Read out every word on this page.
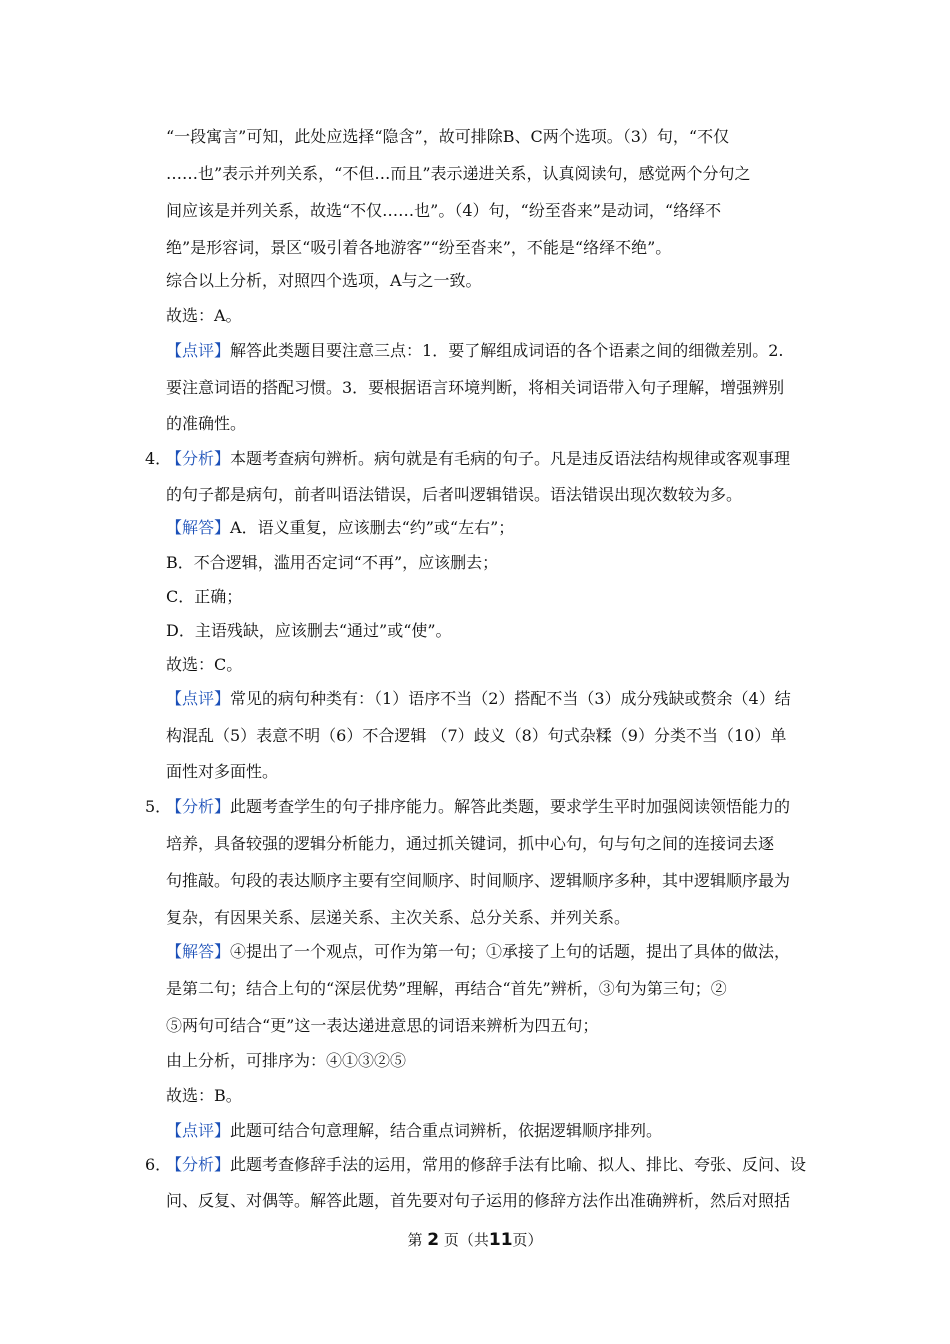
“一段寓言”可知，此处应选择“隐含”，故可排除B、C两个选项。（3）句，“不仅
……也”表示并列关系，“不但…而且”表示递进关系，认真阅读句，感觉两个分句之
间应该是并列关系，故选“不仅……也”。（4）句，“纷至沓来”是动词，“络绎不
绝”是形容词，景区“吸引着各地游客”“纷至沓来”，不能是“络绎不绝”。
综合以上分析，对照四个选项，A与之一致。
故选：A。
【点评】解答此类题目要注意三点：1．要了解组成词语的各个语素之间的细微差别。2.
要注意词语的搭配习惯。3．要根据语言环境判断，将相关词语带入句子理解，增强辨别
的准确性。
4．
【分析】本题考查病句辨析。病句就是有毛病的句子。凡是违反语法结构规律或客观事理
的句子都是病句，前者叫语法错误，后者叫逻辑错误。语法错误出现次数较为多。
【解答】A．语义重复，应该删去“约”或“左右”；
B．不合逻辑，滥用否定词“不再”，应该删去；
C．正确；
D．主语残缺，应该删去“通过”或“使”。
故选：C。
【点评】常见的病句种类有：（1）语序不当（2）搭配不当（3）成分残缺或赘余（4）结
构混乱（5）表意不明（6）不合逻辑 （7）歧义（8）句式杂糅（9）分类不当（10）单
面性对多面性。
5．
【分析】此题考查学生的句子排序能力。解答此类题，要求学生平时加强阅读领悟能力的
培养，具备较强的逻辑分析能力，通过抓关键词，抓中心句，句与句之间的连接词去逐
句推敲。句段的表达顺序主要有空间顺序、时间顺序、逻辑顺序多种，其中逻辑顺序最为
复杂，有因果关系、层递关系、主次关系、总分关系、并列关系。
【解答】④提出了一个观点，可作为第一句；①承接了上句的话题，提出了具体的做法，
是第二句；结合上句的“深层优势”理解，再结合“首先”辨析，③句为第三句；②
⑤两句可结合“更”这一表达递进意思的词语来辨析为四五句；
由上分析，可排序为：④①③②⑤
故选：B。
【点评】此题可结合句意理解，结合重点词辨析，依据逻辑顺序排列。
6．
【分析】此题考查修辞手法的运用，常用的修辞手法有比喻、拟人、排比、夸张、反问、设
问、反复、对偶等。解答此题，首先要对句子运用的修辞方法作出准确辨析，然后对照括
第 2 页（共11页）
